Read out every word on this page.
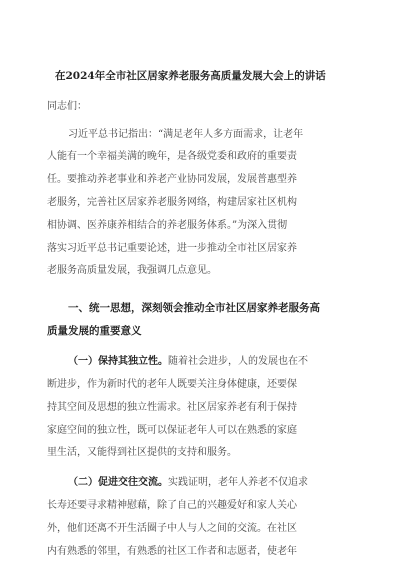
在2024年全市社区居家养老服务高质量发展大会上的讲话
同志们：
习近平总书记指出：“满足老年人多方面需求，让老年
人能有一个幸福美满的晚年，是各级党委和政府的重要责
任。要推动养老事业和养老产业协同发展，发展普惠型养
老服务，完善社区居家养老服务网络，构建居家社区机构
相协调、医养康养相结合的养老服务体系。”为深入贯彻
落实习近平总书记重要论述，进一步推动全市社区居家养
老服务高质量发展，我强调几点意见。
一、统一思想，深刻领会推动全市社区居家养老服务高
质量发展的重要意义
（一）保持其独立性。随着社会进步，人的发展也在不
断进步，作为新时代的老年人既要关注身体健康，还要保
持其空间及思想的独立性需求。社区居家养老有利于保持
家庭空间的独立性，既可以保证老年人可以在熟悉的家庭
里生活，又能得到社区提供的支持和服务。
（二）促进交往交流。实践证明，老年人养老不仅追求
长寿还要寻求精神慰藉，除了自己的兴趣爱好和家人关心
外，他们还离不开生活圈子中人与人之间的交流。在社区
内有熟悉的邻里，有熟悉的社区工作者和志愿者，使老年
